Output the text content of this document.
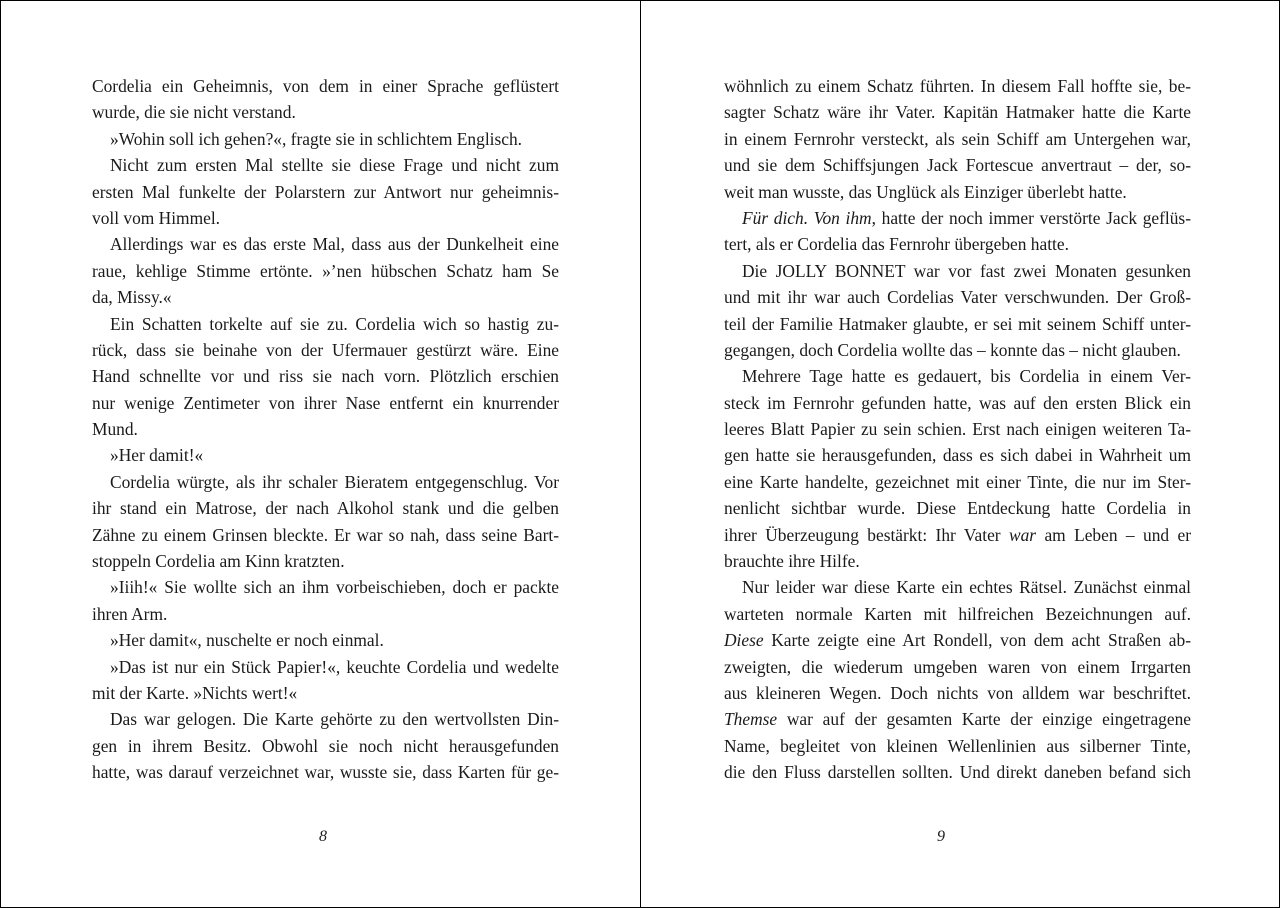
Cordelia ein Geheimnis, von dem in einer Sprache geflüstert
wurde, die sie nicht verstand.
»Wohin soll ich gehen?«, fragte sie in schlichtem Englisch.
Nicht zum ersten Mal stellte sie diese Frage und nicht zum
ersten Mal funkelte der Polarstern zur Antwort nur geheimnis-
voll vom Himmel.
Allerdings war es das erste Mal, dass aus der Dunkelheit eine
raue, kehlige Stimme ertönte. »’nen hübschen Schatz ham Se
da, Missy.«
Ein Schatten torkelte auf sie zu. Cordelia wich so hastig zu-
rück, dass sie beinahe von der Ufermauer gestürzt wäre. Eine
Hand schnellte vor und riss sie nach vorn. Plötzlich erschien
nur wenige Zentimeter von ihrer Nase entfernt ein knurrender
Mund.
»Her damit!«
Cordelia würgte, als ihr schaler Bieratem entgegenschlug. Vor
ihr stand ein Matrose, der nach Alkohol stank und die gelben
Zähne zu einem Grinsen bleckte. Er war so nah, dass seine Bart-
stoppeln Cordelia am Kinn kratzten.
»Iiih!« Sie wollte sich an ihm vorbeischieben, doch er packte
ihren Arm.
»Her damit«, nuschelte er noch einmal.
»Das ist nur ein Stück Papier!«, keuchte Cordelia und wedelte
mit der Karte. »Nichts wert!«
Das war gelogen. Die Karte gehörte zu den wertvollsten Din-
gen in ihrem Besitz. Obwohl sie noch nicht herausgefunden
hatte, was darauf verzeichnet war, wusste sie, dass Karten für ge-
8
wöhnlich zu einem Schatz führten. In diesem Fall hoffte sie, be-
sagter Schatz wäre ihr Vater. Kapitän Hatmaker hatte die Karte
in einem Fernrohr versteckt, als sein Schiff am Untergehen war,
und sie dem Schiffsjungen Jack Fortescue anvertraut – der, so-
weit man wusste, das Unglück als Einziger überlebt hatte.
Für dich. Von ihm, hatte der noch immer verstörte Jack geflüs-
tert, als er Cordelia das Fernrohr übergeben hatte.
Die JOLLY BONNET war vor fast zwei Monaten gesunken
und mit ihr war auch Cordelias Vater verschwunden. Der Groß-
teil der Familie Hatmaker glaubte, er sei mit seinem Schiff unter-
gegangen, doch Cordelia wollte das – konnte das – nicht glauben.
Mehrere Tage hatte es gedauert, bis Cordelia in einem Ver-
steck im Fernrohr gefunden hatte, was auf den ersten Blick ein
leeres Blatt Papier zu sein schien. Erst nach einigen weiteren Ta-
gen hatte sie herausgefunden, dass es sich dabei in Wahrheit um
eine Karte handelte, gezeichnet mit einer Tinte, die nur im Ster-
nenlicht sichtbar wurde. Diese Entdeckung hatte Cordelia in
ihrer Überzeugung bestärkt: Ihr Vater war am Leben – und er
brauchte ihre Hilfe.
Nur leider war diese Karte ein echtes Rätsel. Zunächst einmal
warteten normale Karten mit hilfreichen Bezeichnungen auf.
Diese Karte zeigte eine Art Rondell, von dem acht Straßen ab-
zweigten, die wiederum umgeben waren von einem Irrgarten
aus kleineren Wegen. Doch nichts von alldem war beschriftet.
Themse war auf der gesamten Karte der einzige eingetragene
Name, begleitet von kleinen Wellenlinien aus silberner Tinte,
die den Fluss darstellen sollten. Und direkt daneben befand sich
9
